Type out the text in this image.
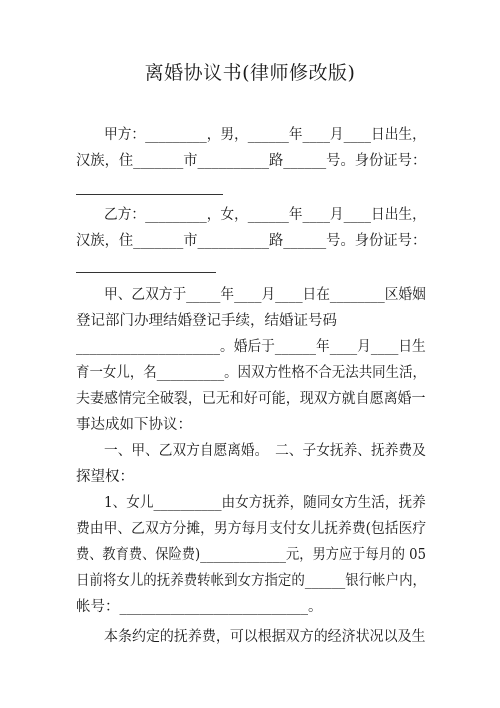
离婚协议书(律师修改版)
甲方：_________，男，______年____月____日出生，
汉族，住_______市__________路______号。身份证号：
乙方：_________，女，______年____月____日出生，
汉族，住_______市__________路______号。身份证号：
甲、乙双方于_____年____月____日在________区婚姻
登记部门办理结婚登记手续，结婚证号码
_____________________。婚后于______年____月____日生
育一女儿，名__________。因双方性格不合无法共同生活，
夫妻感情完全破裂，已无和好可能，现双方就自愿离婚一
事达成如下协议：
一、甲、乙双方自愿离婚。　二、子女抚养、抚养费及
探望权：
1、女儿__________由女方抚养，随同女方生活，抚养
费由甲、乙双方分摊，男方每月支付女儿抚养费(包括医疗
费、教育费、保险费)_____________元，男方应于每月的 05
日前将女儿的抚养费转帐到女方指定的______银行帐户内，
帐号：__________________________。
本条约定的抚养费，可以根据双方的经济状况以及生
